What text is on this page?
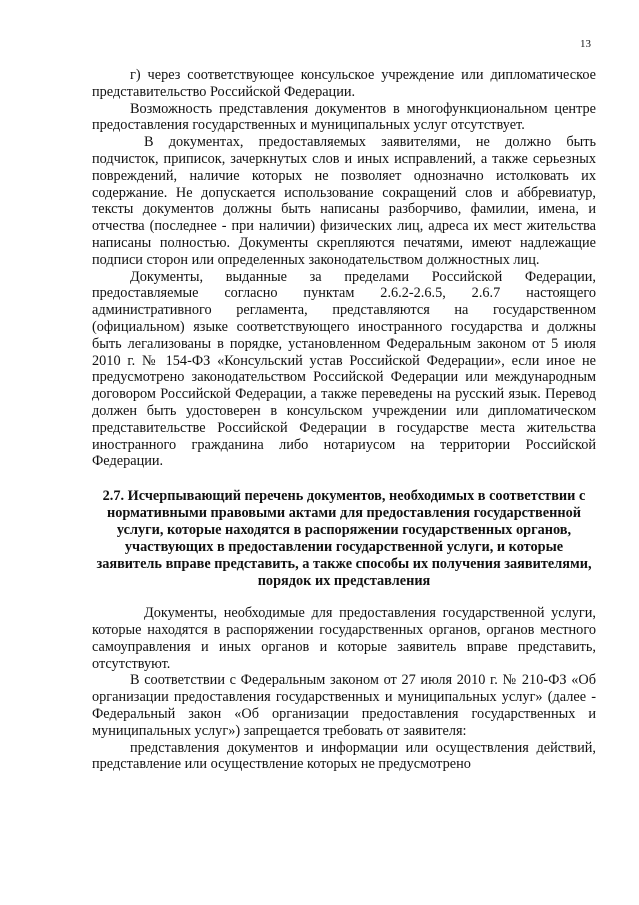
13

г) через соответствующее консульское учреждение или дипломатическое представительство Российской Федерации.

Возможность представления документов в многофункциональном центре предоставления государственных и муниципальных услуг отсутствует.

В документах, предоставляемых заявителями, не должно быть подчисток, приписок, зачеркнутых слов и иных исправлений, а также серьезных повреждений, наличие которых не позволяет однозначно истолковать их содержание. Не допускается использование сокращений слов и аббревиатур, тексты документов должны быть написаны разборчиво, фамилии, имена, и отчества (последнее - при наличии) физических лиц, адреса их мест жительства написаны полностью. Документы скрепляются печатями, имеют надлежащие подписи сторон или определенных законодательством должностных лиц.

Документы, выданные за пределами Российской Федерации, предоставляемые согласно пунктам 2.6.2-2.6.5, 2.6.7 настоящего административного регламента, представляются на государственном (официальном) языке соответствующего иностранного государства и должны быть легализованы в порядке, установленном Федеральным законом от 5 июля 2010 г. № 154-ФЗ «Консульский устав Российской Федерации», если иное не предусмотрено законодательством Российской Федерации или международным договором Российской Федерации, а также переведены на русский язык. Перевод должен быть удостоверен в консульском учреждении или дипломатическом представительстве Российской Федерации в государстве места жительства иностранного гражданина либо нотариусом на территории Российской Федерации.

2.7. Исчерпывающий перечень документов, необходимых в соответствии с нормативными правовыми актами для предоставления государственной услуги, которые находятся в распоряжении государственных органов, участвующих в предоставлении государственной услуги, и которые заявитель вправе представить, а также способы их получения заявителями, порядок их представления

Документы, необходимые для предоставления государственной услуги, которые находятся в распоряжении государственных органов, органов местного самоуправления и иных органов и которые заявитель вправе представить, отсутствуют.

В соответствии с Федеральным законом от 27 июля 2010 г. № 210-ФЗ «Об организации предоставления государственных и муниципальных услуг» (далее - Федеральный закон «Об организации предоставления государственных и муниципальных услуг») запрещается требовать от заявителя:

представления документов и информации или осуществления действий, представление или осуществление которых не предусмотрено
